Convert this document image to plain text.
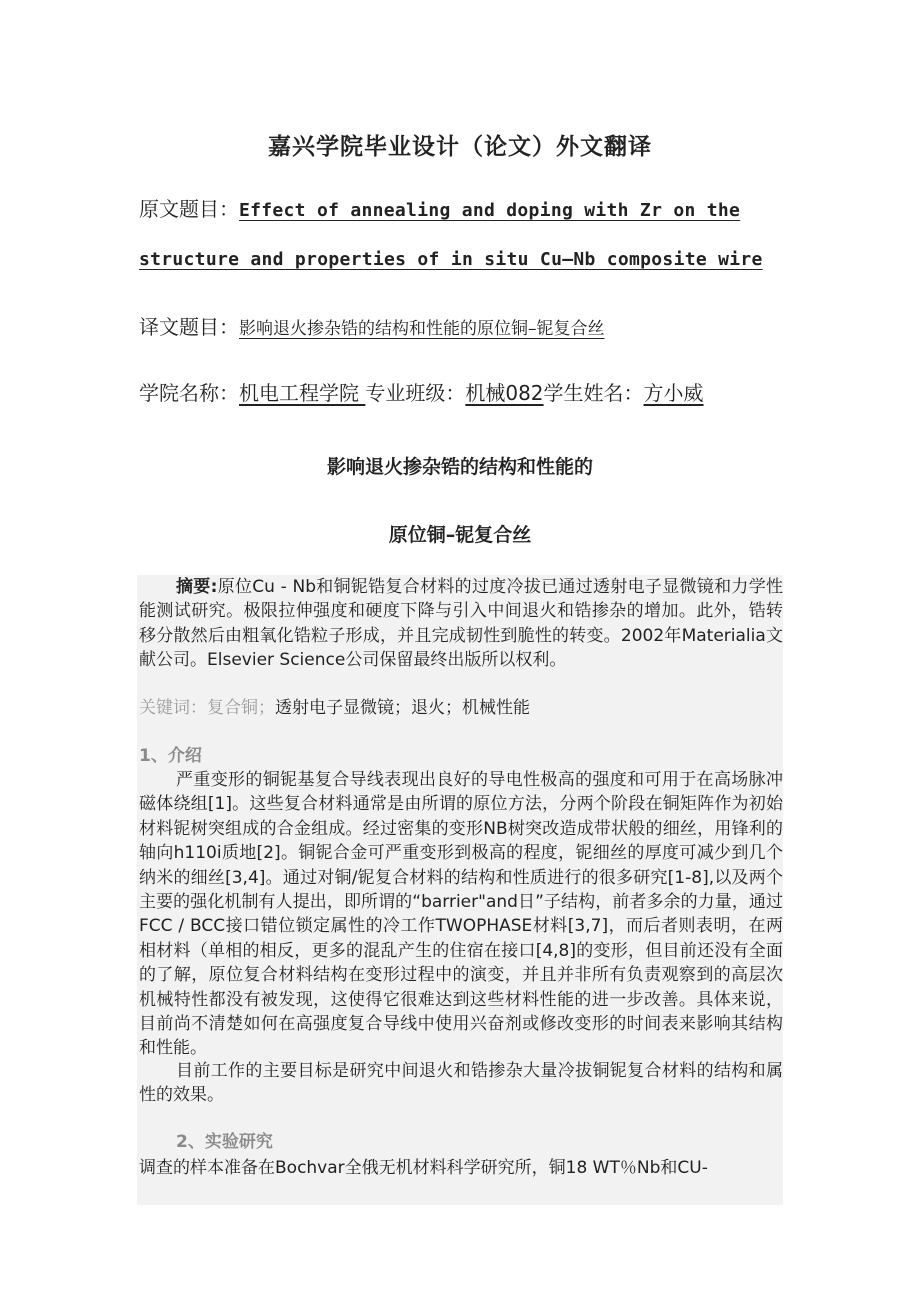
嘉兴学院毕业设计（论文）外文翻译
原文题目：Effect of annealing and doping with Zr on the
structure and properties of in situ Cu–Nb composite wire
译文题目：影响退火掺杂锆的结构和性能的原位铜–铌复合丝
学院名称：机电工程学院 专业班级：机械082学生姓名：方小威
影响退火掺杂锆的结构和性能的
原位铜–铌复合丝
摘要:原位Cu - Nb和铜铌锆复合材料的过度冷拔已通过透射电子显微镜和力学性能测试研究。极限拉伸强度和硬度下降与引入中间退火和锆掺杂的增加。此外，锆转移分散然后由粗氧化锆粒子形成，并且完成韧性到脆性的转变。2002年Materialia文献公司。Elsevier Science公司保留最终出版所以权利。
关键词：复合铜；透射电子显微镜；退火；机械性能
1、介绍
严重变形的铜铌基复合导线表现出良好的导电性极高的强度和可用于在高场脉冲磁体绕组[1]。这些复合材料通常是由所谓的原位方法，分两个阶段在铜矩阵作为初始材料铌树突组成的合金组成。经过密集的变形NB树突改造成带状般的细丝，用锋利的轴向h110i质地[2]。铜铌合金可严重变形到极高的程度，铌细丝的厚度可减少到几个纳米的细丝[3,4]。通过对铜/铌复合材料的结构和性质进行的很多研究[1-8],以及两个主要的强化机制有人提出，即所谓的“barrier"and日”子结构，前者多余的力量，通过FCC / BCC接口错位锁定属性的冷工作TWOPHASE材料[3,7]，而后者则表明，在两相材料（单相的相反，更多的混乱产生的住宿在接口[4,8]的变形，但目前还没有全面的了解，原位复合材料结构在变形过程中的演变，并且并非所有负责观察到的高层次机械特性都没有被发现，这使得它很难达到这些材料性能的进一步改善。具体来说，目前尚不清楚如何在高强度复合导线中使用兴奋剂或修改变形的时间表来影响其结构和性能。
目前工作的主要目标是研究中间退火和锆掺杂大量冷拔铜铌复合材料的结构和属性的效果。
2、实验研究
调查的样本准备在Bochvar全俄无机材料科学研究所，铜18 WT％Nb和CU-
